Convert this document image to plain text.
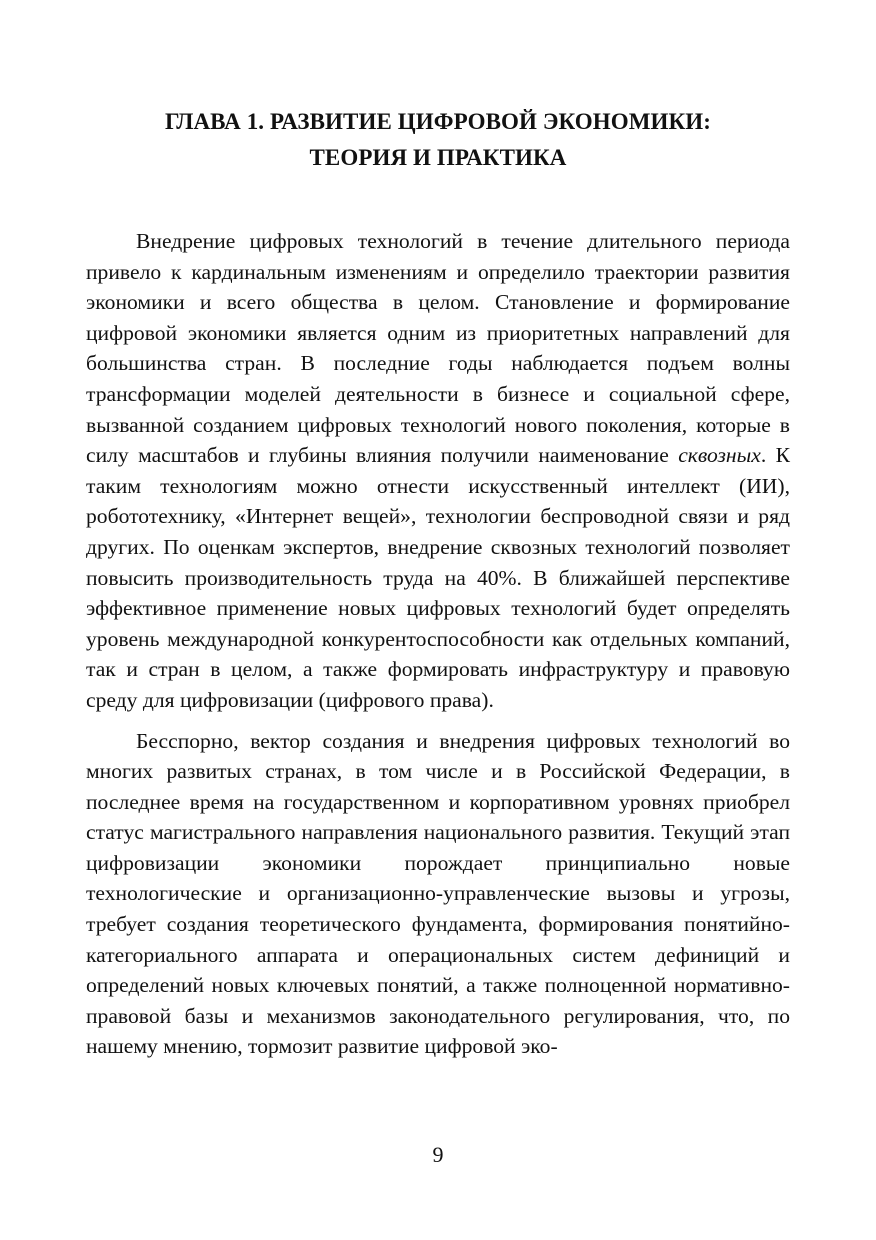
ГЛАВА 1. РАЗВИТИЕ ЦИФРОВОЙ ЭКОНОМИКИ:
ТЕОРИЯ И ПРАКТИКА

Внедрение цифровых технологий в течение длительного периода привело к кардинальным изменениям и определило траектории развития экономики и всего общества в целом. Становление и формирование цифровой экономики является одним из приоритетных направлений для большинства стран. В последние годы наблюдается подъем волны трансформации моделей деятельности в бизнесе и социальной сфере, вызванной созданием цифровых технологий нового поколения, которые в силу масштабов и глубины влияния получили наименование сквозных. К таким технологиям можно отнести искусственный интеллект (ИИ), робототехнику, «Интернет вещей», технологии беспроводной связи и ряд других. По оценкам экспертов, внедрение сквозных технологий позволяет повысить производительность труда на 40%. В ближайшей перспективе эффективное применение новых цифровых технологий будет определять уровень международной конкурентоспособности как отдельных компаний, так и стран в целом, а также формировать инфраструктуру и правовую среду для цифровизации (цифрового права).

Бесспорно, вектор создания и внедрения цифровых технологий во многих развитых странах, в том числе и в Российской Федерации, в последнее время на государственном и корпоративном уровнях приобрел статус магистрального направления национального развития. Текущий этап цифровизации экономики порождает принципиально новые технологические и организационно-управленческие вызовы и угрозы, требует создания теоретического фундамента, формирования понятийно-категориального аппарата и операциональных систем дефиниций и определений новых ключевых понятий, а также полноценной нормативно-правовой базы и механизмов законодательного регулирования, что, по нашему мнению, тормозит развитие цифровой эко-

9
